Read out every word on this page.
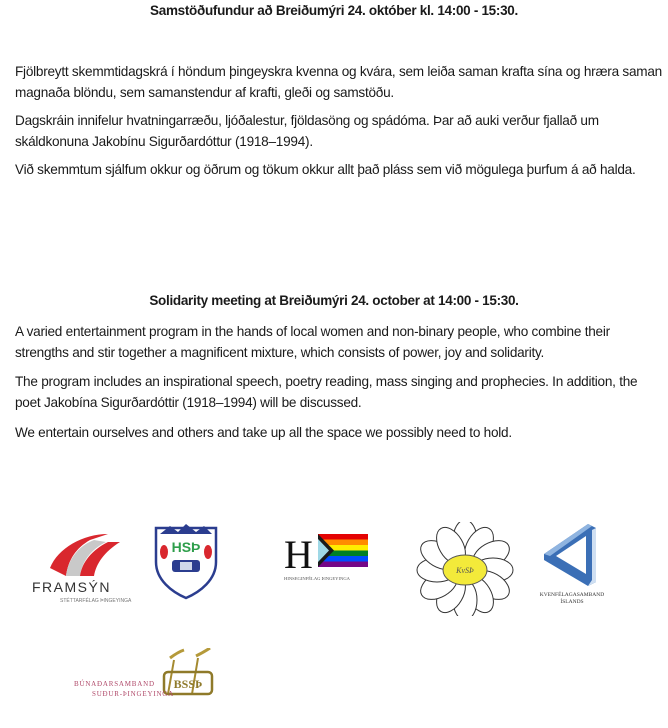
Samstöðufundur að Breiðumýri 24. október kl. 14:00 - 15:30.

Fjölbreytt skemmtidagskrá í höndum þingeyskra kvenna og kvára, sem leiða saman krafta sína og hræra saman magnaða blöndu, sem samanstendur af krafti, gleði og samstöðu.

Dagskráin innifelur hvatningarræðu, ljóðalestur, fjöldasöng og spádóma. Þar að auki verður fjallað um skáldkonuna Jakobínu Sigurðardóttur (1918–1994).

Við skemmtum sjálfum okkur og öðrum og tökum okkur allt það pláss sem við mögulega þurfum á að halda.

Solidarity meeting at Breiðumýri 24. october at 14:00 - 15:30.

A varied entertainment program in the hands of local women and non-binary people, who combine their strengths and stir together a magnificent mixture, which consists of power, joy and solidarity.

The program includes an inspirational speech, poetry reading, mass singing and prophecies. In addition, the poet Jakobína Sigurðardóttir (1918–1994) will be discussed.

We entertain ourselves and others and take up all the space we possibly need to hold.

FRAMSÝN
STÉTTARFÉLAG ÞINGEYINGA
HSÞ H
HINSEGINFÉLAG ÞINGEYINGA
KvSÞ
KVENFÉLAGASAMBAND
ÍSLANDS
BSSÞ
BÚNAÐARSAMBAND
SUÐUR-ÞINGEYINGA
